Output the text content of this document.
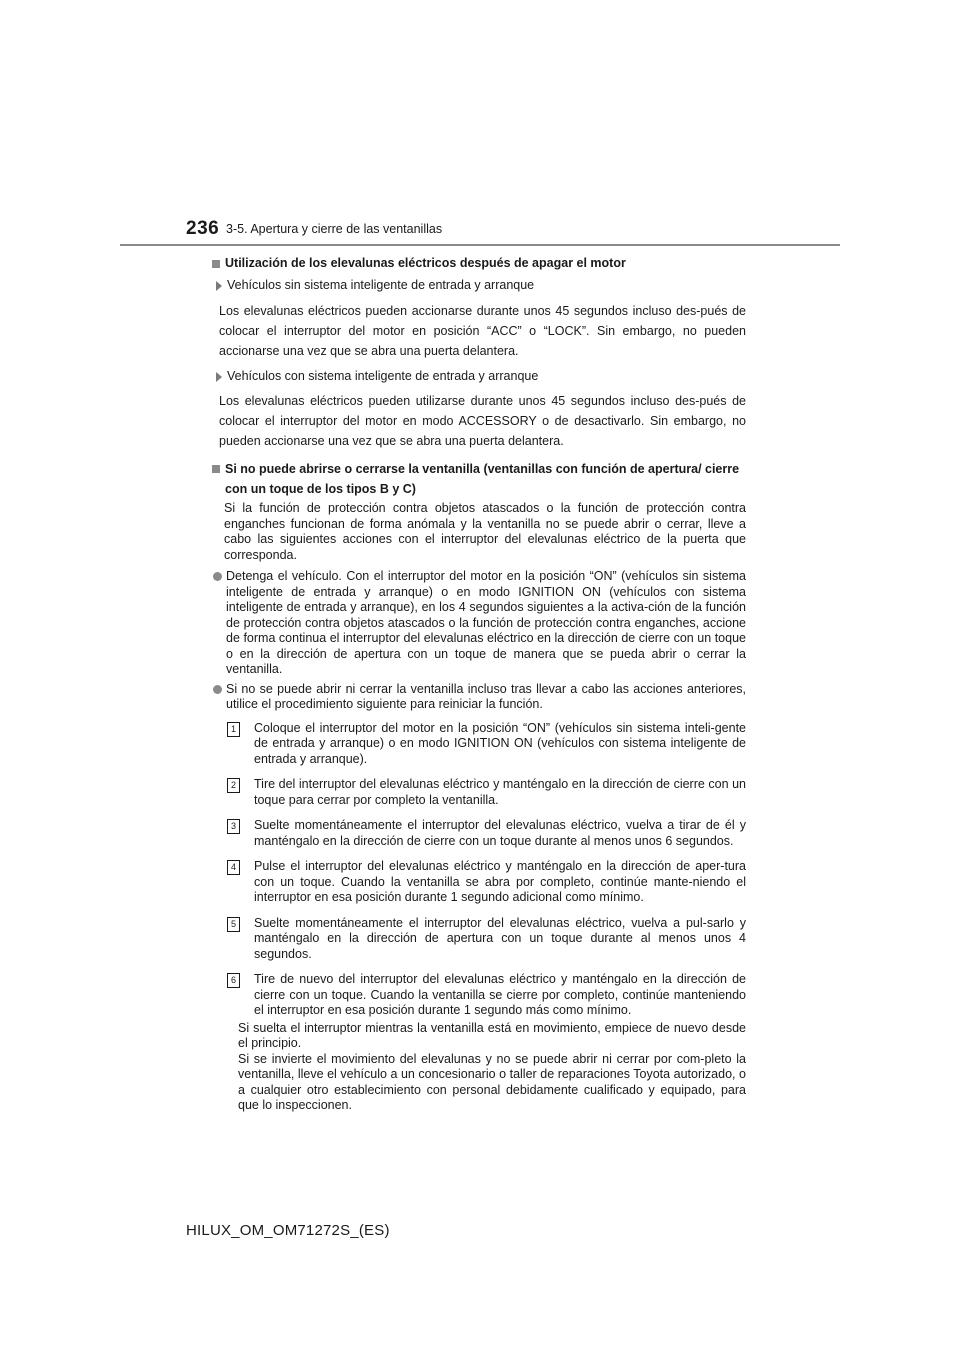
236 3-5. Apertura y cierre de las ventanillas
Utilización de los elevalunas eléctricos después de apagar el motor
Vehículos sin sistema inteligente de entrada y arranque
Los elevalunas eléctricos pueden accionarse durante unos 45 segundos incluso des-pués de colocar el interruptor del motor en posición “ACC” o “LOCK”. Sin embargo, no pueden accionarse una vez que se abra una puerta delantera.
Vehículos con sistema inteligente de entrada y arranque
Los elevalunas eléctricos pueden utilizarse durante unos 45 segundos incluso des-pués de colocar el interruptor del motor en modo ACCESSORY o de desactivarlo. Sin embargo, no pueden accionarse una vez que se abra una puerta delantera.
Si no puede abrirse o cerrarse la ventanilla (ventanillas con función de apertura/ cierre con un toque de los tipos B y C)
Si la función de protección contra objetos atascados o la función de protección contra enganches funcionan de forma anómala y la ventanilla no se puede abrir o cerrar, lleve a cabo las siguientes acciones con el interruptor del elevalunas eléctrico de la puerta que corresponda.
Detenga el vehículo. Con el interruptor del motor en la posición “ON” (vehículos sin sistema inteligente de entrada y arranque) o en modo IGNITION ON (vehículos con sistema inteligente de entrada y arranque), en los 4 segundos siguientes a la activa-ción de la función de protección contra objetos atascados o la función de protección contra enganches, accione de forma continua el interruptor del elevalunas eléctrico en la dirección de cierre con un toque o en la dirección de apertura con un toque de manera que se pueda abrir o cerrar la ventanilla.
Si no se puede abrir ni cerrar la ventanilla incluso tras llevar a cabo las acciones anteriores, utilice el procedimiento siguiente para reiniciar la función.
1	Coloque el interruptor del motor en la posición “ON” (vehículos sin sistema inteli-gente de entrada y arranque) o en modo IGNITION ON (vehículos con sistema inteligente de entrada y arranque).
2	Tire del interruptor del elevalunas eléctrico y manténgalo en la dirección de cierre con un toque para cerrar por completo la ventanilla.
3	Suelte momentáneamente el interruptor del elevalunas eléctrico, vuelva a tirar de él y manténgalo en la dirección de cierre con un toque durante al menos unos 6 segundos.
4	Pulse el interruptor del elevalunas eléctrico y manténgalo en la dirección de aper-tura con un toque. Cuando la ventanilla se abra por completo, continúe mante-niendo el interruptor en esa posición durante 1 segundo adicional como mínimo.
5	Suelte momentáneamente el interruptor del elevalunas eléctrico, vuelva a pul-sarlo y manténgalo en la dirección de apertura con un toque durante al menos unos 4 segundos.
6	Tire de nuevo del interruptor del elevalunas eléctrico y manténgalo en la dirección de cierre con un toque. Cuando la ventanilla se cierre por completo, continúe manteniendo el interruptor en esa posición durante 1 segundo más como mínimo.
Si suelta el interruptor mientras la ventanilla está en movimiento, empiece de nuevo desde el principio.
Si se invierte el movimiento del elevalunas y no se puede abrir ni cerrar por com-pleto la ventanilla, lleve el vehículo a un concesionario o taller de reparaciones Toyota autorizado, o a cualquier otro establecimiento con personal debidamente cualificado y equipado, para que lo inspeccionen.
HILUX_OM_OM71272S_(ES)
